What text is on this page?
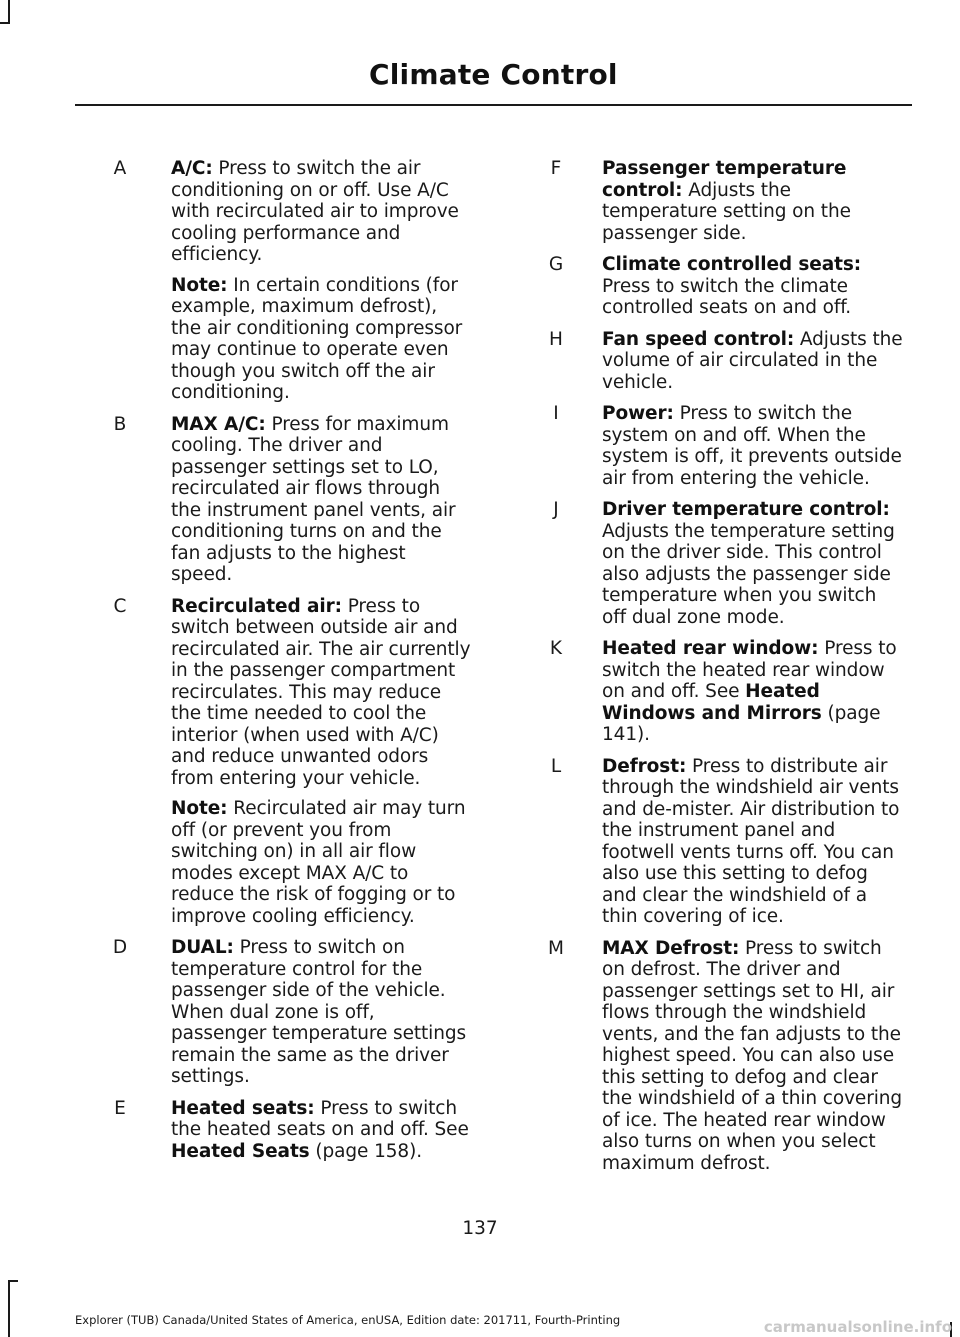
Climate Control
A A/C: Press to switch the air conditioning on or off. Use A/C with recirculated air to improve cooling performance and efficiency.

Note: In certain conditions (for example, maximum defrost), the air conditioning compressor may continue to operate even though you switch off the air conditioning.

B MAX A/C: Press for maximum cooling. The driver and passenger settings set to LO, recirculated air flows through the instrument panel vents, air conditioning turns on and the fan adjusts to the highest speed.

C Recirculated air: Press to switch between outside air and recirculated air. The air currently in the passenger compartment recirculates. This may reduce the time needed to cool the interior (when used with A/C) and reduce unwanted odors from entering your vehicle.

Note: Recirculated air may turn off (or prevent you from switching on) in all air flow modes except MAX A/C to reduce the risk of fogging or to improve cooling efficiency.

D DUAL: Press to switch on temperature control for the passenger side of the vehicle. When dual zone is off, passenger temperature settings remain the same as the driver settings.

E Heated seats: Press to switch the heated seats on and off. See Heated Seats (page 158).

F	Passenger temperature control: Adjusts the temperature setting on the passenger side.

G Climate controlled seats: Press to switch the climate controlled seats on and off.

H Fan speed control: Adjusts the volume of air circulated in the vehicle.

I	Power: Press to switch the system on and off. When the system is off, it prevents outside air from entering the vehicle.

J	Driver temperature control: Adjusts the temperature setting on the driver side. This control also adjusts the passenger side temperature when you switch off dual zone mode.

K Heated rear window: Press to switch the heated rear window on and off. See Heated Windows and Mirrors (page 141).

L	Defrost: Press to distribute air through the windshield air vents and de-mister. Air distribution to the instrument panel and footwell vents turns off. You can also use this setting to defog and clear the windshield of a thin covering of ice.

M MAX Defrost: Press to switch on defrost. The driver and passenger settings set to HI, air flows through the windshield vents, and the fan adjusts to the highest speed. You can also use this setting to defog and clear the windshield of a thin covering of ice. The heated rear window also turns on when you select maximum defrost.

137
Explorer (TUB) Canada/United States of America, enUSA, Edition date: 201711, Fourth-Printing	carmanualsonline.info
